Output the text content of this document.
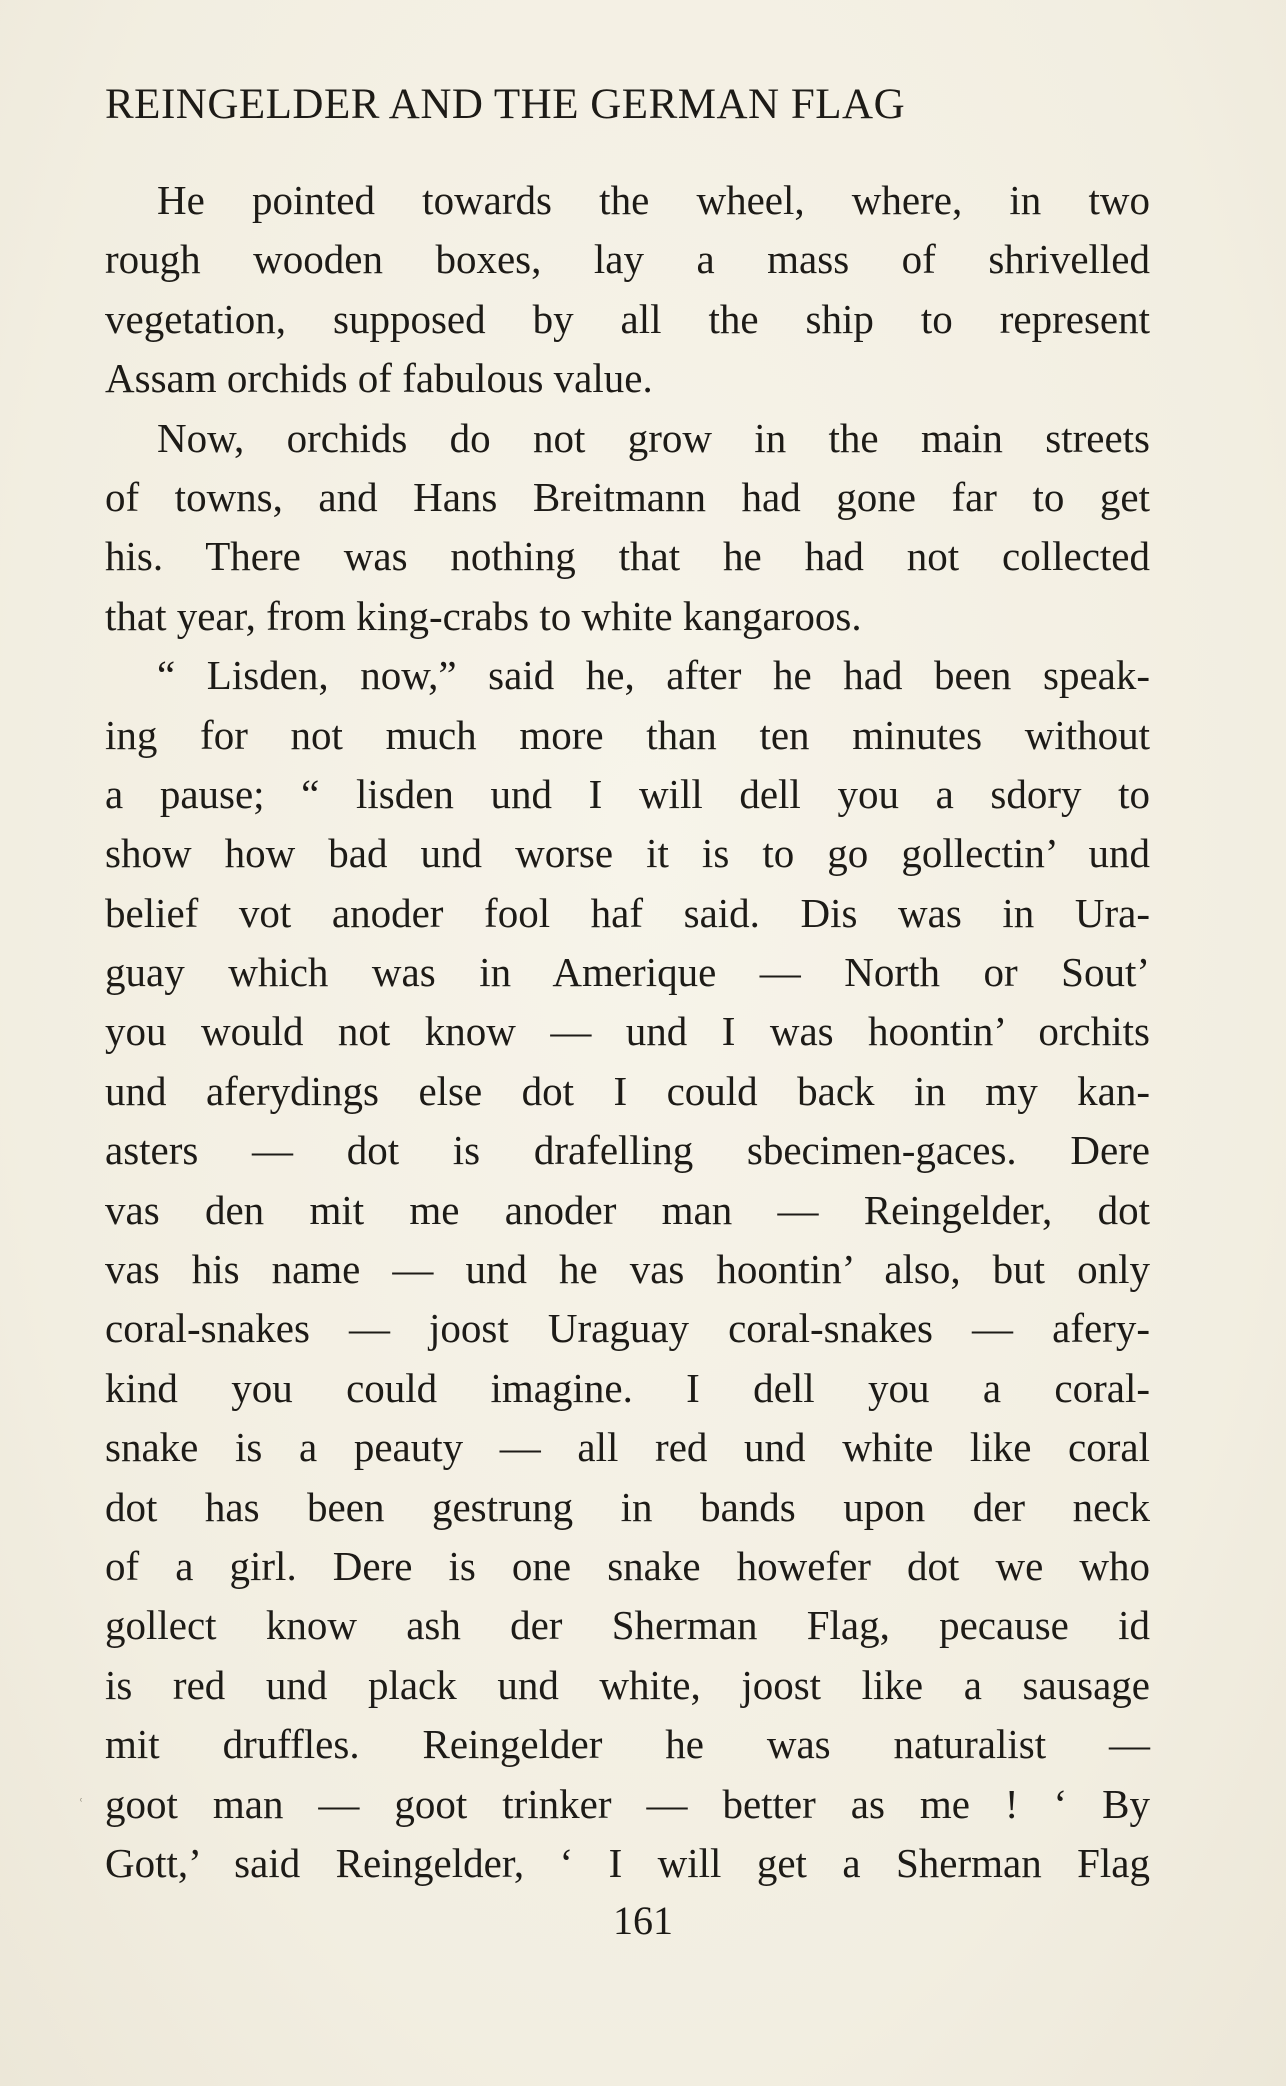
REINGELDER AND THE GERMAN FLAG
He pointed towards the wheel, where, in two
rough wooden boxes, lay a mass of shrivelled
vegetation, supposed by all the ship to represent
Assam orchids of fabulous value.
Now, orchids do not grow in the main streets
of towns, and Hans Breitmann had gone far to get
his. There was nothing that he had not collected
that year, from king-crabs to white kangaroos.
“ Lisden, now,” said he, after he had been speak-
ing for not much more than ten minutes without
a pause; “ lisden und I will dell you a sdory to
show how bad und worse it is to go gollectin’ und
belief vot anoder fool haf said. Dis was in Ura-
guay which was in Amerique — North or Sout’
you would not know — und I was hoontin’ orchits
und aferydings else dot I could back in my kan-
asters — dot is drafelling sbecimen-gaces. Dere
vas den mit me anoder man — Reingelder, dot
vas his name — und he vas hoontin’ also, but only
coral-snakes — joost Uraguay coral-snakes — afery-
kind you could imagine. I dell you a coral-
snake is a peauty — all red und white like coral
dot has been gestrung in bands upon der neck
of a girl. Dere is one snake howefer dot we who
gollect know ash der Sherman Flag, pecause id
is red und plack und white, joost like a sausage
mit druffles. Reingelder he was naturalist —
goot man — goot trinker — better as me ! ‘ By
Gott,’ said Reingelder, ‘ I will get a Sherman Flag
ʿ
161
